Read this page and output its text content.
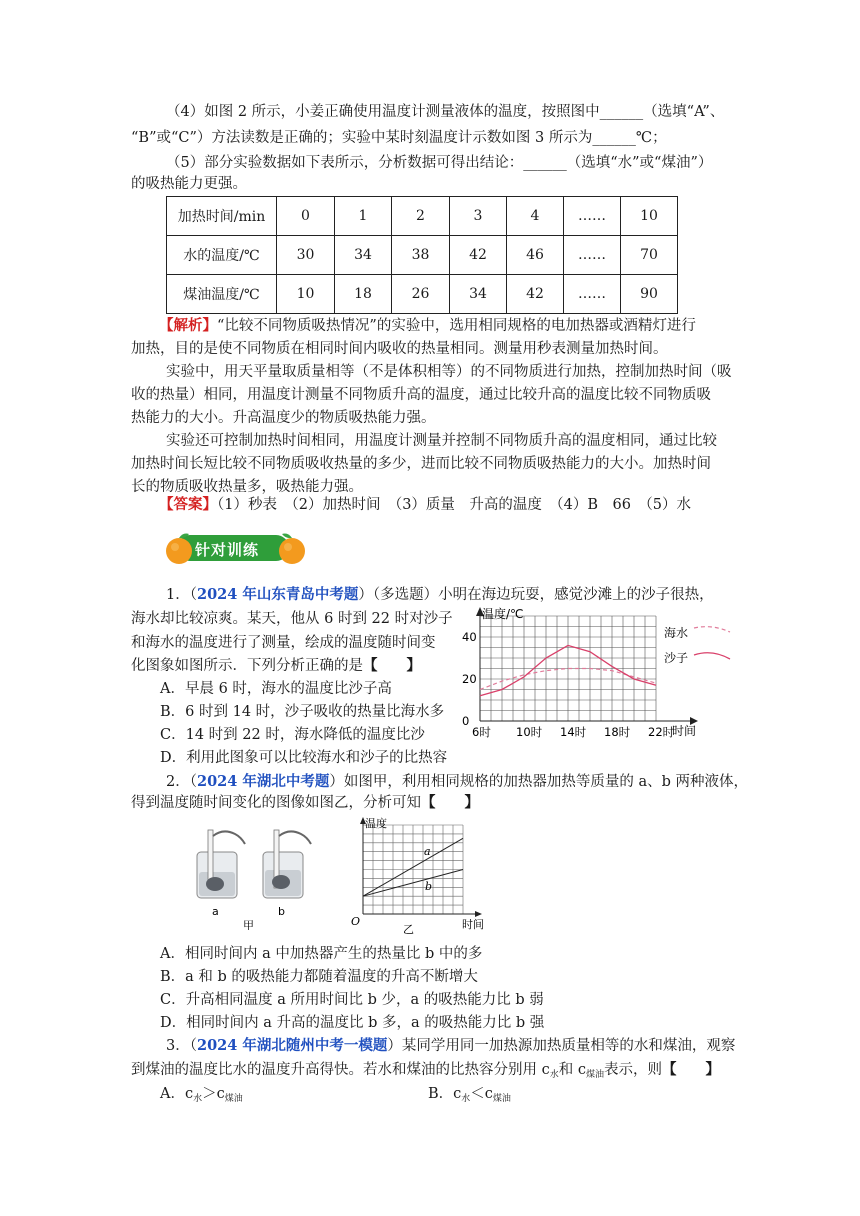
（4）如图 2 所示，小姜正确使用温度计测量液体的温度，按照图中______（选填“A”、
“B”或“C”）方法读数是正确的；实验中某时刻温度计示数如图 3 所示为______℃；
（5）部分实验数据如下表所示，分析数据可得出结论：______（选填“水”或“煤油”）
的吸热能力更强。
加热时间/min	0	1	2	3	4	……	10
水的温度/℃	30	34	38	42	46	……	70
煤油温度/℃	10	18	26	34	42	……	90
【解析】“比较不同物质吸热情况”的实验中，选用相同规格的电加热器或酒精灯进行
加热，目的是使不同物质在相同时间内吸收的热量相同。测量用秒表测量加热时间。
实验中，用天平量取质量相等（不是体积相等）的不同物质进行加热，控制加热时间（吸
收的热量）相同，用温度计测量不同物质升高的温度，通过比较升高的温度比较不同物质吸
热能力的大小。升高温度少的物质吸热能力强。
实验还可控制加热时间相同，用温度计测量并控制不同物质升高的温度相同，通过比较
加热时间长短比较不同物质吸收热量的多少，进而比较不同物质吸热能力的大小。加热时间
长的物质吸收热量多，吸热能力强。
【答案】（1）秒表　（2）加热时间　（3）质量　升高的温度　（4）B　66　（5）水
针对训练
1．（2024 年山东青岛中考题）（多选题）小明在海边玩耍，感觉沙滩上的沙子很热，
海水却比较凉爽。某天，他从 6 时到 22 时对沙子
和海水的温度进行了测量，绘成的温度随时间变
化图象如图所示．下列分析正确的是【　　】
A．早晨 6 时，海水的温度比沙子高
B．6 时到 14 时，沙子吸收的热量比海水多
C．14 时到 22 时，海水降低的温度比沙
D．利用此图象可以比较海水和沙子的比热容
温度/℃
时间
6时 10时 14时 18时 22时
0
20
40	海水
沙子
2．（2024 年湖北中考题）如图甲，利用相同规格的加热器加热等质量的 a、b 两种液体，
得到温度随时间变化的图像如图乙，分析可知【　　】
a	b
甲
温度
时间
O
a
b
乙
A．相同时间内 a 中加热器产生的热量比 b 中的多
B．a 和 b 的吸热能力都随着温度的升高不断增大
C．升高相同温度 a 所用时间比 b 少，a 的吸热能力比 b 弱
D．相同时间内 a 升高的温度比 b 多，a 的吸热能力比 b 强
3．（2024 年湖北随州中考一模题）某同学用同一加热源加热质量相等的水和煤油，观察
到煤油的温度比水的温度升高得快。若水和煤油的比热容分别用 $c_水$和 $c_{煤油}$表示，则【　　】
A．$c_水>c_{煤油}$	B．$c_水<c_{煤油}$
